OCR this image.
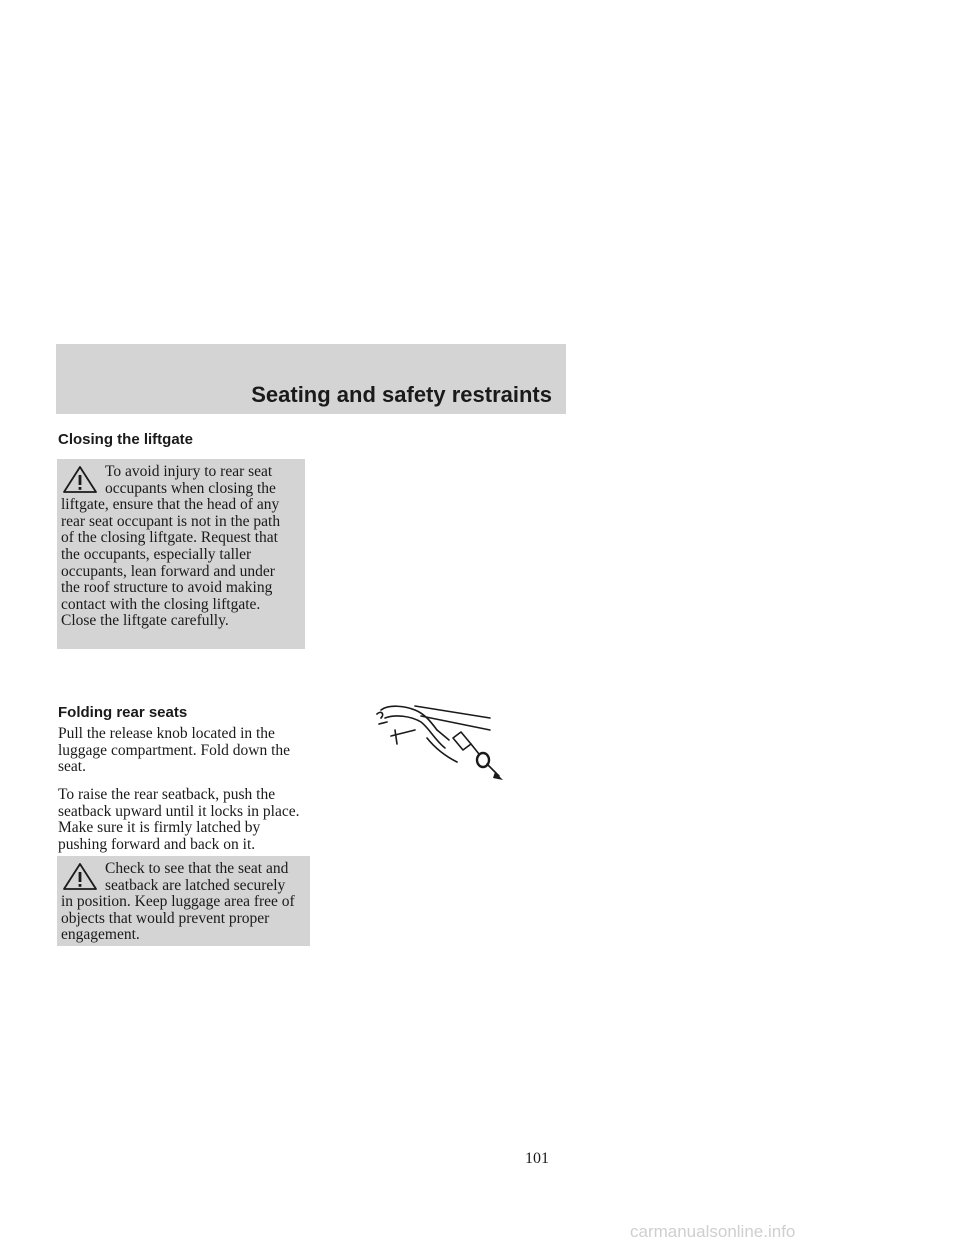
Seating and safety restraints
Closing the liftgate

To avoid injury to rear seat occupants when closing the liftgate, ensure that the head of any rear seat occupant is not in the path of the closing liftgate. Request that the occupants, especially taller occupants, lean forward and under the roof structure to avoid making contact with the closing liftgate. Close the liftgate carefully.

Folding rear seats

Pull the release knob located in the luggage compartment. Fold down the seat.

To raise the rear seatback, push the seatback upward until it locks in place. Make sure it is firmly latched by pushing forward and back on it.

Check to see that the seat and seatback are latched securely in position. Keep luggage area free of objects that would prevent proper engagement.

101
carmanualsonline.info
